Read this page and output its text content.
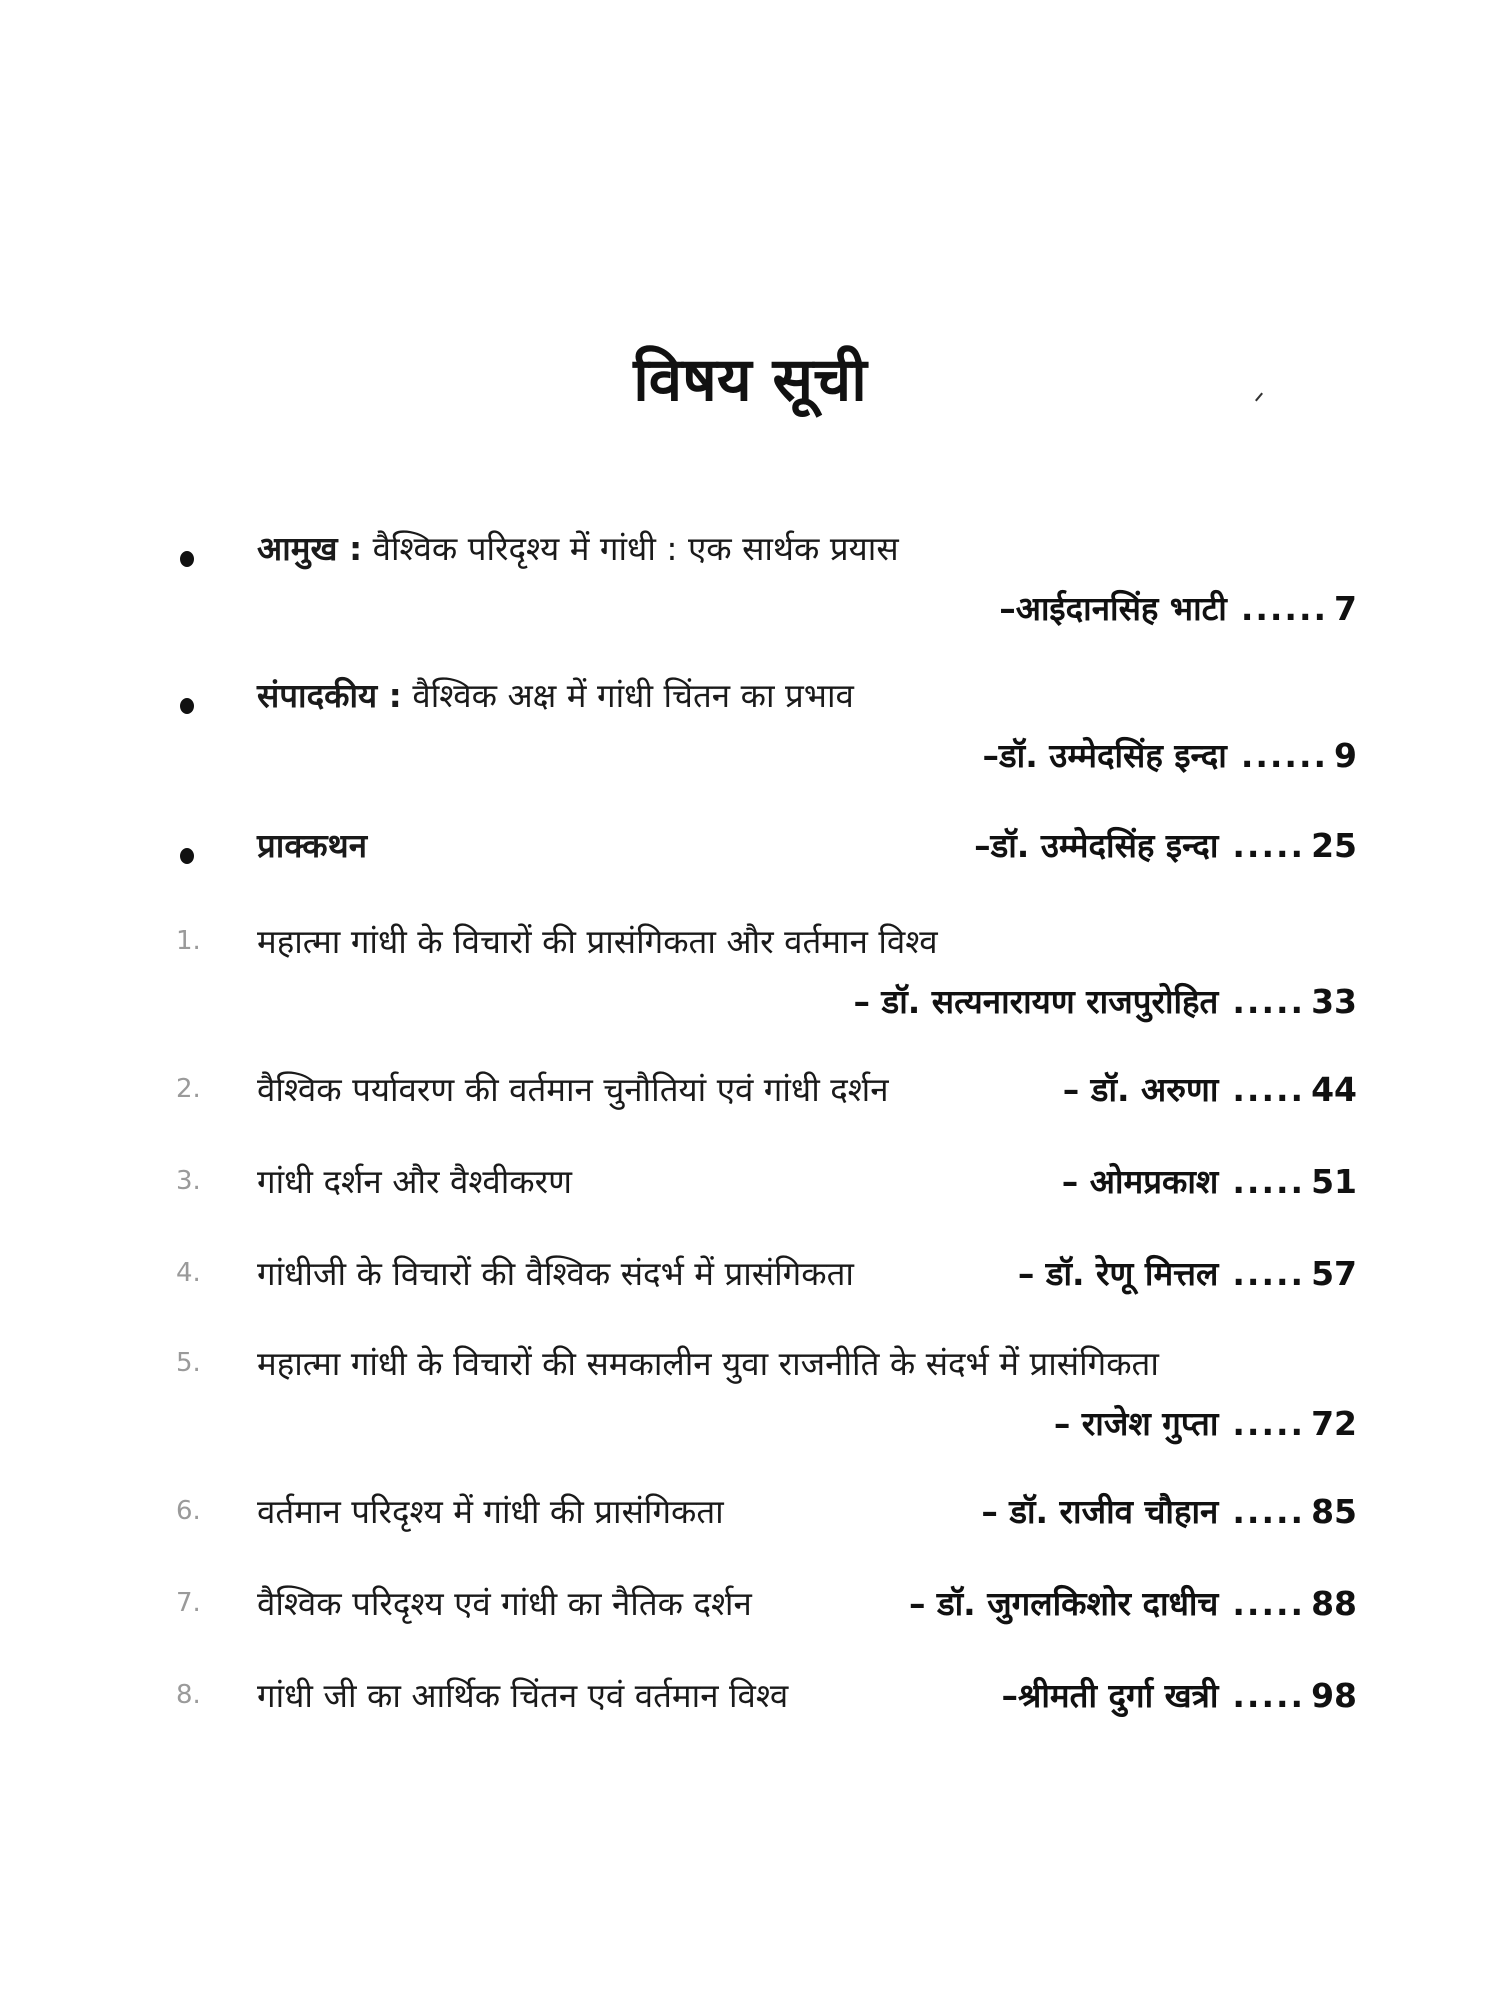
विषय सूची
आमुख : वैश्विक परिदृश्य में गांधी : एक सार्थक प्रयास
–आईदानसिंह भाटी ...... 7
संपादकीय : वैश्विक अक्ष में गांधी चिंतन का प्रभाव
–डॉ. उम्मेदसिंह इन्दा ...... 9
प्राक्कथन	–डॉ. उम्मेदसिंह इन्दा ..... 25
1.	महात्मा गांधी के विचारों की प्रासंगिकता और वर्तमान विश्व
– डॉ. सत्यनारायण राजपुरोहित ..... 33
2.	वैश्विक पर्यावरण की वर्तमान चुनौतियां एवं गांधी दर्शन	– डॉ. अरुणा ..... 44
3.	गांधी दर्शन और वैश्वीकरण	– ओमप्रकाश ..... 51
4.	गांधीजी के विचारों की वैश्विक संदर्भ में प्रासंगिकता	– डॉ. रेणू मित्तल ..... 57
5.	महात्मा गांधी के विचारों की समकालीन युवा राजनीति के संदर्भ में प्रासंगिकता
– राजेश गुप्ता ..... 72
6.	वर्तमान परिदृश्य में गांधी की प्रासंगिकता	– डॉ. राजीव चौहान ..... 85
7.	वैश्विक परिदृश्य एवं गांधी का नैतिक दर्शन	– डॉ. जुगलकिशोर दाधीच ..... 88
8.	गांधी जी का आर्थिक चिंतन एवं वर्तमान विश्व	–श्रीमती दुर्गा खत्री ..... 98
